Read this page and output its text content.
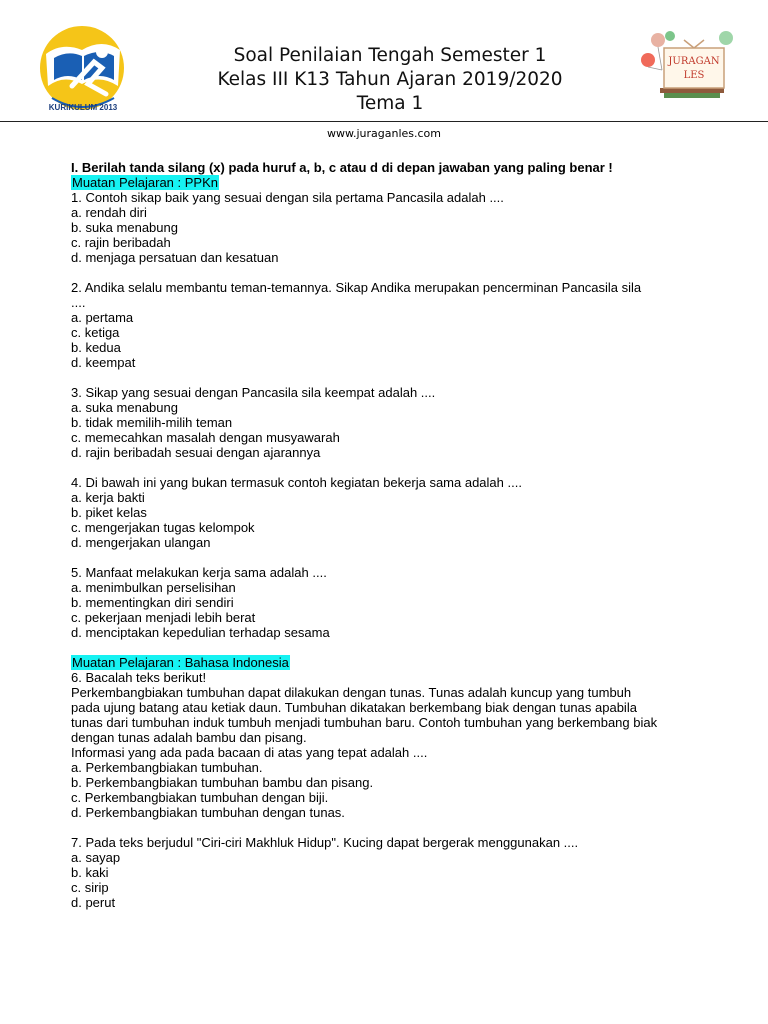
KURIKULUM 2013
Soal Penilaian Tengah Semester 1
Kelas III K13 Tahun Ajaran 2019/2020
Tema 1
JURAGAN
LES
www.juraganles.com
I. Berilah tanda silang (x) pada huruf a, b, c atau d di depan jawaban yang paling benar !
Muatan Pelajaran : PPKn

1. Contoh sikap baik yang sesuai dengan sila pertama Pancasila adalah ....

a. rendah diri

b. suka menabung

c. rajin beribadah

d. menjaga persatuan dan kesatuan

2. Andika selalu membantu teman-temannya. Sikap Andika merupakan pencerminan Pancasila sila

....

a. pertama

c. ketiga

b. kedua

d. keempat

3. Sikap yang sesuai dengan Pancasila sila keempat adalah ....

a. suka menabung

b. tidak memilih-milih teman

c. memecahkan masalah dengan musyawarah

d. rajin beribadah sesuai dengan ajarannya

4. Di bawah ini yang bukan termasuk contoh kegiatan bekerja sama adalah ....

a. kerja bakti

b. piket kelas

c. mengerjakan tugas kelompok

d. mengerjakan ulangan

5. Manfaat melakukan kerja sama adalah ....

a. menimbulkan perselisihan

b. mementingkan diri sendiri

c. pekerjaan menjadi lebih berat

d. menciptakan kepedulian terhadap sesama

Muatan Pelajaran : Bahasa Indonesia

6. Bacalah teks berikut!

Perkembangbiakan tumbuhan dapat dilakukan dengan tunas. Tunas adalah kuncup yang tumbuh

pada ujung batang atau ketiak daun. Tumbuhan dikatakan berkembang biak dengan tunas apabila

tunas dari tumbuhan induk tumbuh menjadi tumbuhan baru. Contoh tumbuhan yang berkembang biak

dengan tunas adalah bambu dan pisang.

Informasi yang ada pada bacaan di atas yang tepat adalah ....

a. Perkembangbiakan tumbuhan.

b. Perkembangbiakan tumbuhan bambu dan pisang.

c. Perkembangbiakan tumbuhan dengan biji.

d. Perkembangbiakan tumbuhan dengan tunas.

7. Pada teks berjudul "Ciri-ciri Makhluk Hidup". Kucing dapat bergerak menggunakan ....

a. sayap

b. kaki

c. sirip

d. perut
